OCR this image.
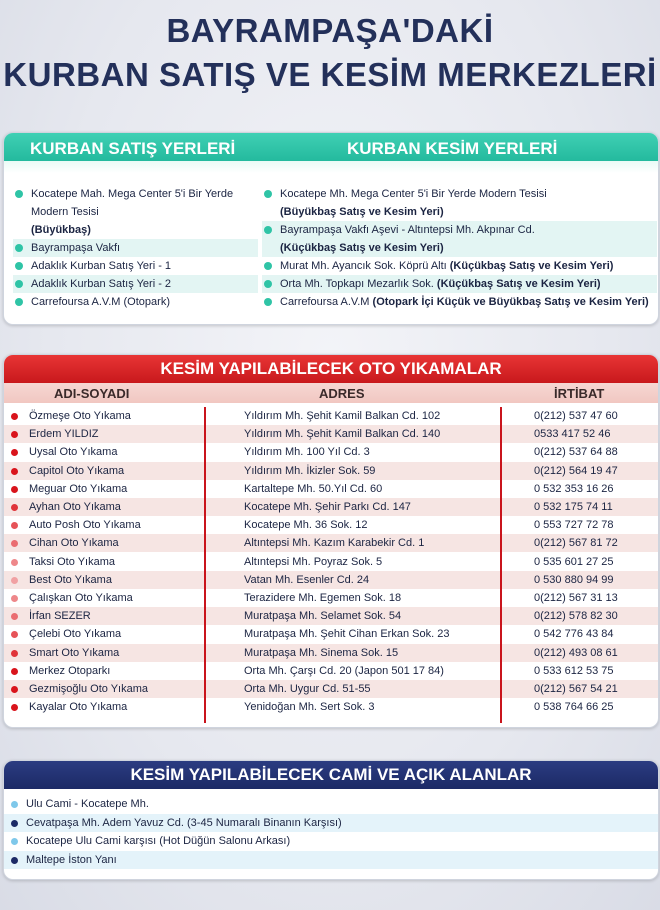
BAYRAMPAŞA'DAKİ
KURBAN SATIŞ VE KESİM MERKEZLERİ
KURBAN SATIŞ YERLERİ	KURBAN KESİM YERLERİ
Kocatepe Mah. Mega Center 5'i Bir Yerde
Modern Tesisi
(Büyükbaş)
Bayrampaşa Vakfı
Adaklık Kurban Satış Yeri - 1
Adaklık Kurban Satış Yeri - 2
Carrefoursa A.V.M (Otopark)
Kocatepe Mh. Mega Center 5'i Bir Yerde Modern Tesisi
(Büyükbaş Satış ve Kesim Yeri)
Bayrampaşa Vakfı Aşevi - Altıntepsi Mh. Akpınar Cd.
(Küçükbaş Satış ve Kesim Yeri)
Murat Mh. Ayancık Sok. Köprü Altı (Küçükbaş Satış ve Kesim Yeri)
Orta Mh. Topkapı Mezarlık Sok. (Küçükbaş Satış ve Kesim Yeri)
Carrefoursa A.V.M (Otopark İçi Küçük ve Büyükbaş Satış ve Kesim Yeri)
KESİM YAPILABİLECEK OTO YIKAMALAR
ADI-SOYADI	ADRES	İRTİBAT
Özmeşe Oto Yıkama	Yıldırım Mh. Şehit Kamil Balkan Cd. 102	0(212) 537 47 60
Erdem YILDIZ	Yıldırım Mh. Şehit Kamil Balkan Cd. 140	0533 417 52 46
Uysal Oto Yıkama	Yıldırım Mh. 100 Yıl Cd. 3	0(212) 537 64 88
Capitol Oto Yıkama	Yıldırım Mh. İkizler Sok. 59	0(212) 564 19 47
Meguar Oto Yıkama	Kartaltepe Mh. 50.Yıl Cd. 60	0 532 353 16 26
Ayhan Oto Yıkama	Kocatepe Mh. Şehir Parkı Cd. 147	0 532 175 74 11
Auto Posh Oto Yıkama	Kocatepe Mh. 36 Sok. 12	0 553 727 72 78
Cihan Oto Yıkama	Altıntepsi Mh. Kazım Karabekir Cd. 1	0(212) 567 81 72
Taksi Oto Yıkama	Altıntepsi Mh. Poyraz Sok. 5	0 535 601 27 25
Best Oto Yıkama	Vatan Mh. Esenler Cd. 24	0 530 880 94 99
Çalışkan Oto Yıkama	Terazidere Mh. Egemen Sok. 18	0(212) 567 31 13
İrfan SEZER	Muratpaşa Mh. Selamet Sok. 54	0(212) 578 82 30
Çelebi Oto Yıkama	Muratpaşa Mh. Şehit Cihan Erkan Sok. 23	0 542 776 43 84
Smart Oto Yıkama	Muratpaşa Mh. Sinema Sok. 15	0(212) 493 08 61
Merkez Otoparkı	Orta Mh. Çarşı Cd. 20 (Japon 501 17 84)	0 533 612 53 75
Gezmişoğlu Oto Yıkama	Orta Mh. Uygur Cd. 51-55	0(212) 567 54 21
Kayalar Oto Yıkama	Yenidoğan Mh. Sert Sok. 3	0 538 764 66 25
KESİM YAPILABİLECEK CAMİ VE AÇIK ALANLAR
Ulu Cami - Kocatepe Mh.
Cevatpaşa Mh. Adem Yavuz Cd. (3-45 Numaralı Binanın Karşısı)
Kocatepe Ulu Cami karşısı (Hot Düğün Salonu Arkası)
Maltepe İston Yanı
